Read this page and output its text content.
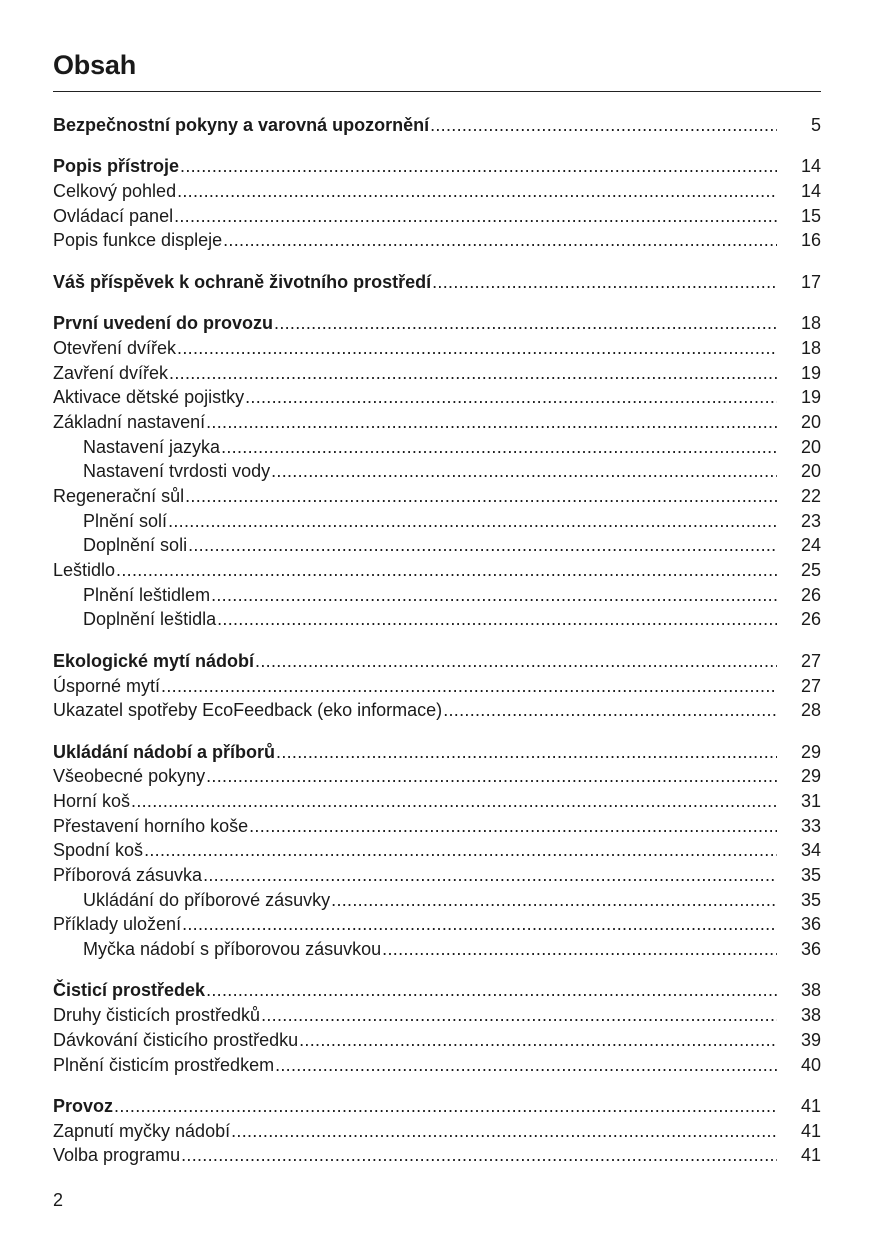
Obsah
Bezpečnostní pokyny a varovná upozornění .....	5
Popis přístroje .....	14
Celkový pohled .....	14
Ovládací panel .....	15
Popis funkce displeje .....	16
Váš příspěvek k ochraně životního prostředí .....	17
První uvedení do provozu .....	18
Otevření dvířek .....	18
Zavření dvířek .....	19
Aktivace dětské pojistky .....	19
Základní nastavení .....	20
Nastavení jazyka .....	20
Nastavení tvrdosti vody .....	20
Regenerační sůl .....	22
Plnění solí .....	23
Doplnění soli .....	24
Leštidlo .....	25
Plnění leštidlem .....	26
Doplnění leštidla .....	26
Ekologické mytí nádobí .....	27
Úsporné mytí .....	27
Ukazatel spotřeby EcoFeedback (eko informace) .....	28
Ukládání nádobí a příborů .....	29
Všeobecné pokyny .....	29
Horní koš .....	31
Přestavení horního koše .....	33
Spodní koš .....	34
Příborová zásuvka .....	35
Ukládání do příborové zásuvky .....	35
Příklady uložení .....	36
Myčka nádobí s příborovou zásuvkou .....	36
Čisticí prostředek .....	38
Druhy čisticích prostředků .....	38
Dávkování čisticího prostředku .....	39
Plnění čisticím prostředkem .....	40
Provoz .....	41
Zapnutí myčky nádobí .....	41
Volba programu .....	41
2
